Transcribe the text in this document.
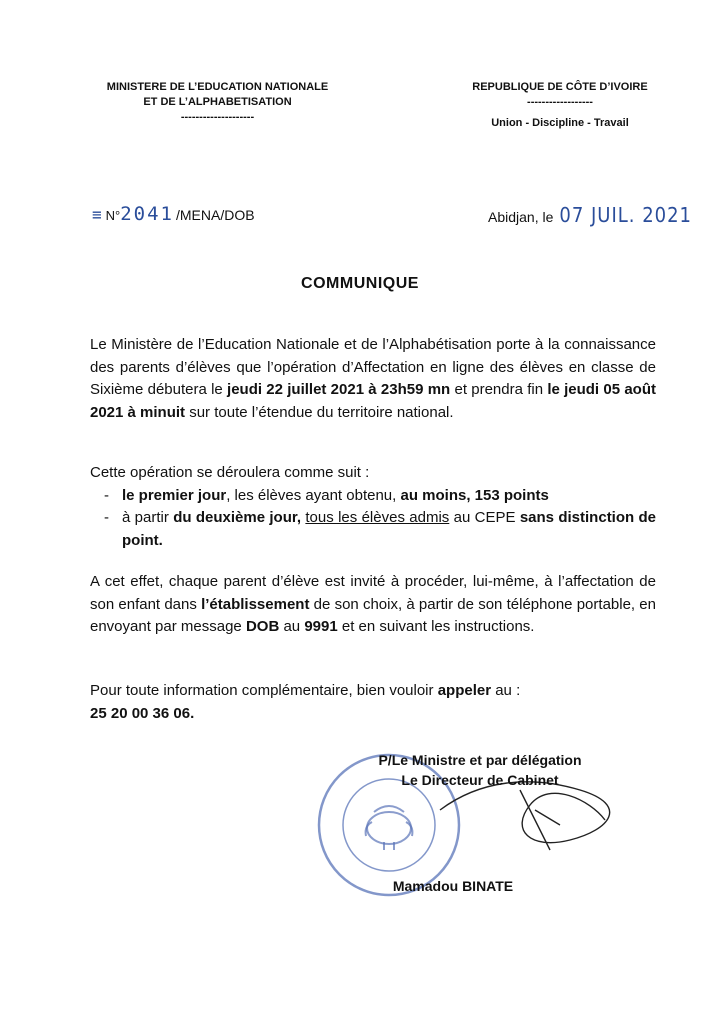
MINISTERE DE L’EDUCATION NATIONALE
ET DE L’ALPHABETISATION
--------------------
REPUBLIQUE DE CÔTE D’IVOIRE
------------------
Union - Discipline - Travail
≡ N° 2041 /MENA/DOB	Abidjan, le 07 JUIL. 2021
COMMUNIQUE
Le Ministère de l’Education Nationale et de l’Alphabétisation porte à la connaissance des parents d’élèves que l’opération d’Affectation en ligne des élèves en classe de Sixième débutera le jeudi 22 juillet 2021 à 23h59 mn et prendra fin le jeudi 05 août 2021 à minuit sur toute l’étendue du territoire national.
Cette opération se déroulera comme suit :
- le premier jour, les élèves ayant obtenu, au moins, 153 points
- à partir du deuxième jour, tous les élèves admis au CEPE sans distinction de point.
A cet effet, chaque parent d’élève est invité à procéder, lui-même, à l’affectation de son enfant dans l’établissement de son choix, à partir de son téléphone portable, en envoyant par message DOB au 9991 et en suivant les instructions.
Pour toute information complémentaire, bien vouloir appeler au :
25 20 00 36 06.
P/Le Ministre et par délégation
Le Directeur de Cabinet
Mamadou BINATE
